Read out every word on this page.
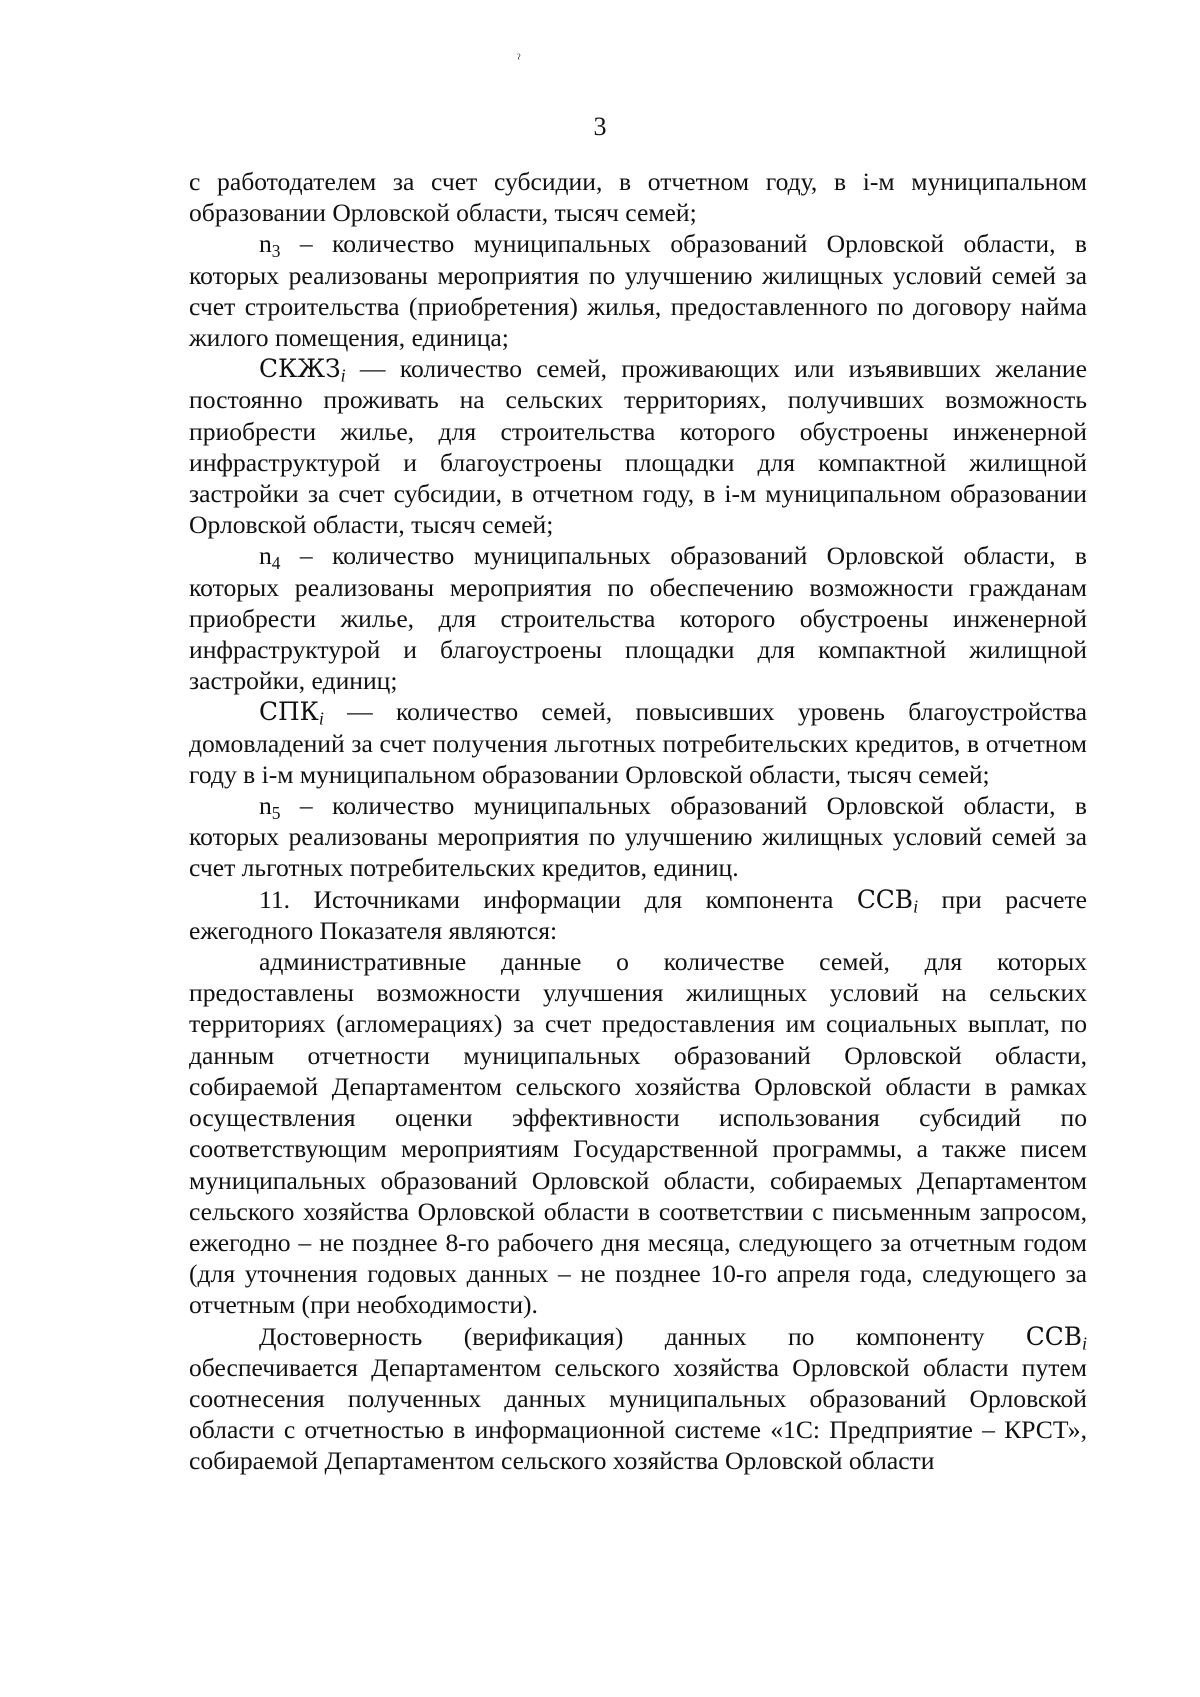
ˀ
3

с работодателем за счет субсидии, в отчетном году, в i-м муниципальном образовании Орловской области, тысяч семей;

$n_3$ – количество муниципальных образований Орловской области, в которых реализованы мероприятия по улучшению жилищных условий семей за счет строительства (приобретения) жилья, предоставленного по договору найма жилого помещения, единица;

СКЖЗi — количество семей, проживающих или изъявивших желание постоянно проживать на сельских территориях, получивших возможность приобрести жилье, для строительства которого обустроены инженерной инфраструктурой и благоустроены площадки для компактной жилищной застройки за счет субсидии, в отчетном году, в i-м муниципальном образовании Орловской области, тысяч семей;

$n_4$ – количество муниципальных образований Орловской области, в которых реализованы мероприятия по обеспечению возможности гражданам приобрести жилье, для строительства которого обустроены инженерной инфраструктурой и благоустроены площадки для компактной жилищной застройки, единиц;

СПКi — количество семей, повысивших уровень благоустройства домовладений за счет получения льготных потребительских кредитов, в отчетном году в i-м муниципальном образовании Орловской области, тысяч семей;

$n_5$ – количество муниципальных образований Орловской области, в которых реализованы мероприятия по улучшению жилищных условий семей за счет льготных потребительских кредитов, единиц.

11. Источниками информации для компонента ССВi при расчете ежегодного Показателя являются:

административные данные о количестве семей, для которых предоставлены возможности улучшения жилищных условий на сельских территориях (агломерациях) за счет предоставления им социальных выплат, по данным отчетности муниципальных образований Орловской области, собираемой Департаментом сельского хозяйства Орловской области в рамках осуществления оценки эффективности использования субсидий по соответствующим мероприятиям Государственной программы, а также писем муниципальных образований Орловской области, собираемых Департаментом сельского хозяйства Орловской области в соответствии с письменным запросом, ежегодно – не позднее 8-го рабочего дня месяца, следующего за отчетным годом (для уточнения годовых данных – не позднее 10-го апреля года, следующего за отчетным (при необходимости).

Достоверность (верификация) данных по компоненту ССВi обеспечивается Департаментом сельского хозяйства Орловской области путем соотнесения полученных данных муниципальных образований Орловской области с отчетностью в информационной системе «1С: Предприятие – КРСТ», собираемой Департаментом сельского хозяйства Орловской области
